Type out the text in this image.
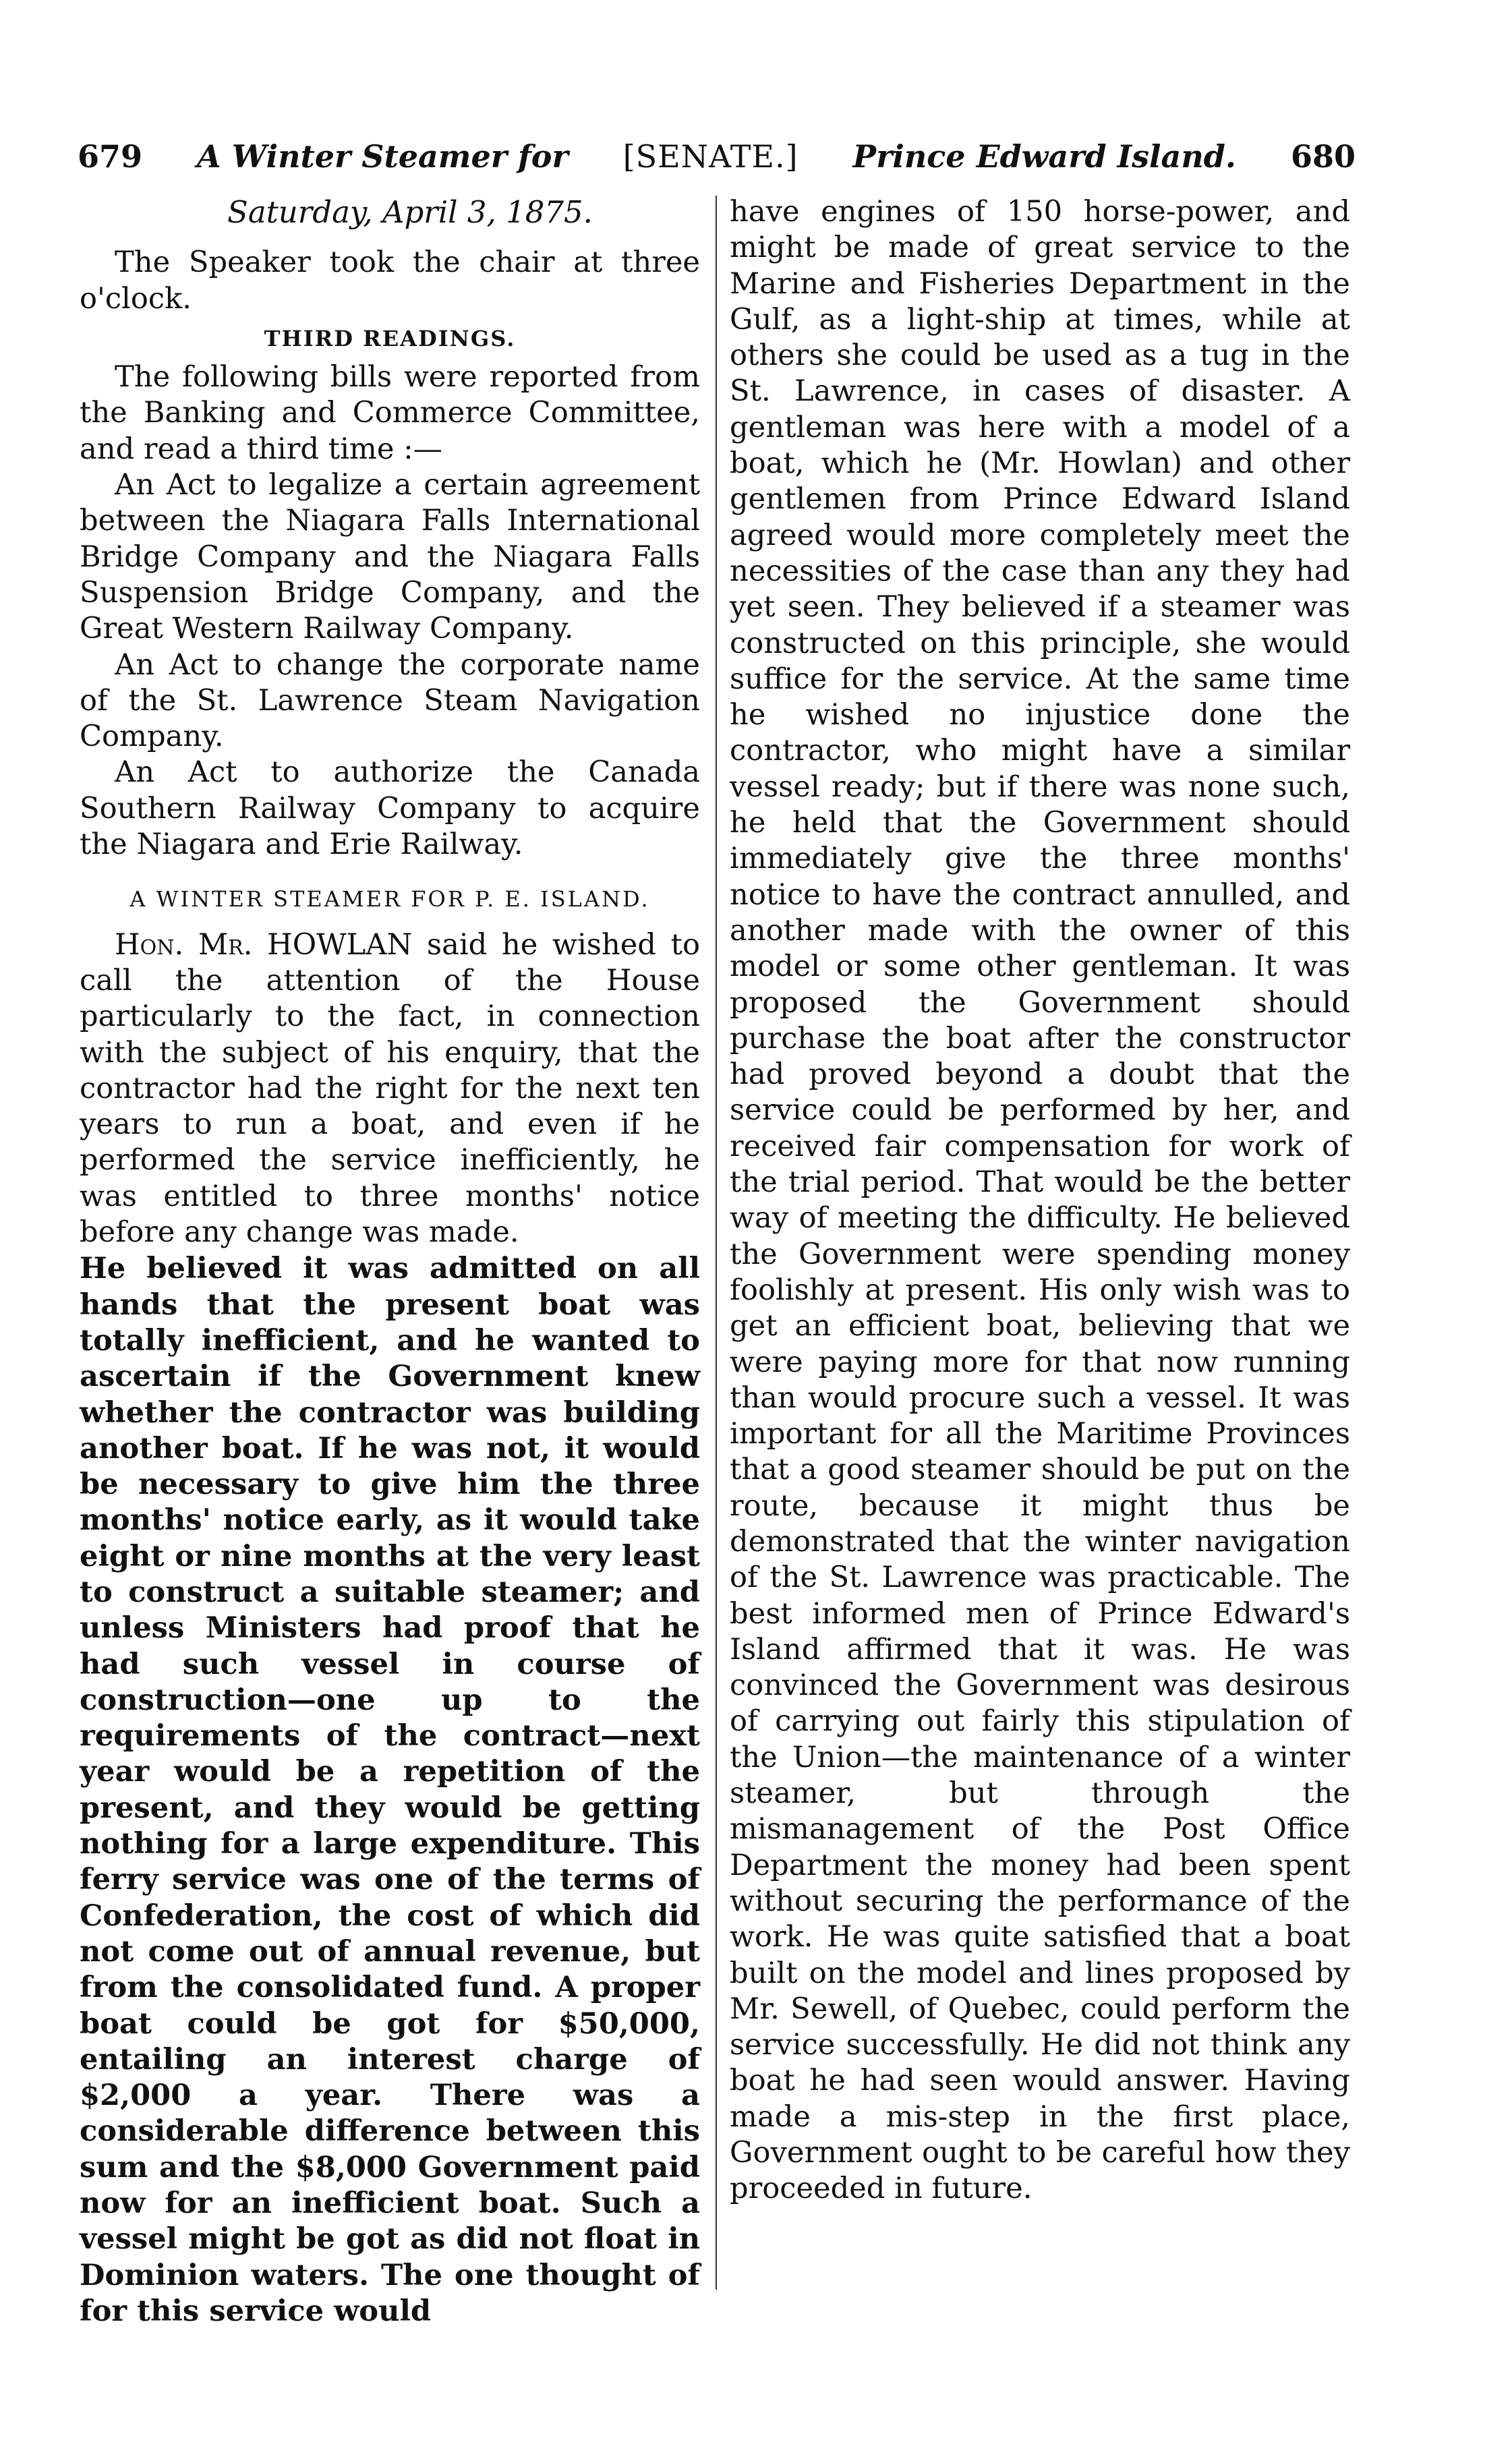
679 A Winter Steamer for [SENATE.] Prince Edward Island. 680

Saturday, April 3, 1875.

The Speaker took the chair at three o'clock.

THIRD READINGS.

The following bills were reported from the Banking and Commerce Committee, and read a third time :—

An Act to legalize a certain agreement between the Niagara Falls International Bridge Company and the Niagara Falls Suspension Bridge Company, and the Great Western Railway Company.

An Act to change the corporate name of the St. Lawrence Steam Navigation Company.

An Act to authorize the Canada Southern Railway Company to acquire the Niagara and Erie Railway.

A WINTER STEAMER FOR P. E. ISLAND.

Hon. Mr. HOWLAN said he wished to call the attention of the House particularly to the fact, in connection with the subject of his enquiry, that the contractor had the right for the next ten years to run a boat, and even if he performed the service inefficiently, he was entitled to three months' notice before any change was made.

He believed it was admitted on all hands that the present boat was totally inefficient, and he wanted to ascertain if the Government knew whether the contractor was building another boat. If he was not, it would be necessary to give him the three months' notice early, as it would take eight or nine months at the very least to construct a suitable steamer; and unless Ministers had proof that he had such vessel in course of construction—one up to the requirements of the contract—next year would be a repetition of the present, and they would be getting nothing for a large expenditure. This ferry service was one of the terms of Confederation, the cost of which did not come out of annual revenue, but from the consolidated fund. A proper boat could be got for $50,000, entailing an interest charge of $2,000 a year. There was a considerable difference between this sum and the $8,000 Government paid now for an inefficient boat. Such a vessel might be got as did not float in Dominion waters. The one thought of for this service would

have engines of 150 horse-power, and might be made of great service to the Marine and Fisheries Department in the Gulf, as a light-ship at times, while at others she could be used as a tug in the St. Lawrence, in cases of disaster. A gentleman was here with a model of a boat, which he (Mr. Howlan) and other gentlemen from Prince Edward Island agreed would more completely meet the necessities of the case than any they had yet seen. They believed if a steamer was constructed on this principle, she would suffice for the service. At the same time he wished no injustice done the contractor, who might have a similar vessel ready; but if there was none such, he held that the Government should immediately give the three months' notice to have the contract annulled, and another made with the owner of this model or some other gentleman. It was proposed the Government should purchase the boat after the constructor had proved beyond a doubt that the service could be performed by her, and received fair compensation for work of the trial period. That would be the better way of meeting the difficulty. He believed the Government were spending money foolishly at present. His only wish was to get an efficient boat, believing that we were paying more for that now running than would procure such a vessel. It was important for all the Maritime Provinces that a good steamer should be put on the route, because it might thus be demonstrated that the winter navigation of the St. Lawrence was practicable. The best informed men of Prince Edward's Island affirmed that it was. He was convinced the Government was desirous of carrying out fairly this stipulation of the Union—the maintenance of a winter steamer, but through the mismanagement of the Post Office Department the money had been spent without securing the performance of the work. He was quite satisfied that a boat built on the model and lines proposed by Mr. Sewell, of Quebec, could perform the service successfully. He did not think any boat he had seen would answer. Having made a mis-step in the first place, Government ought to be careful how they proceeded in future.
